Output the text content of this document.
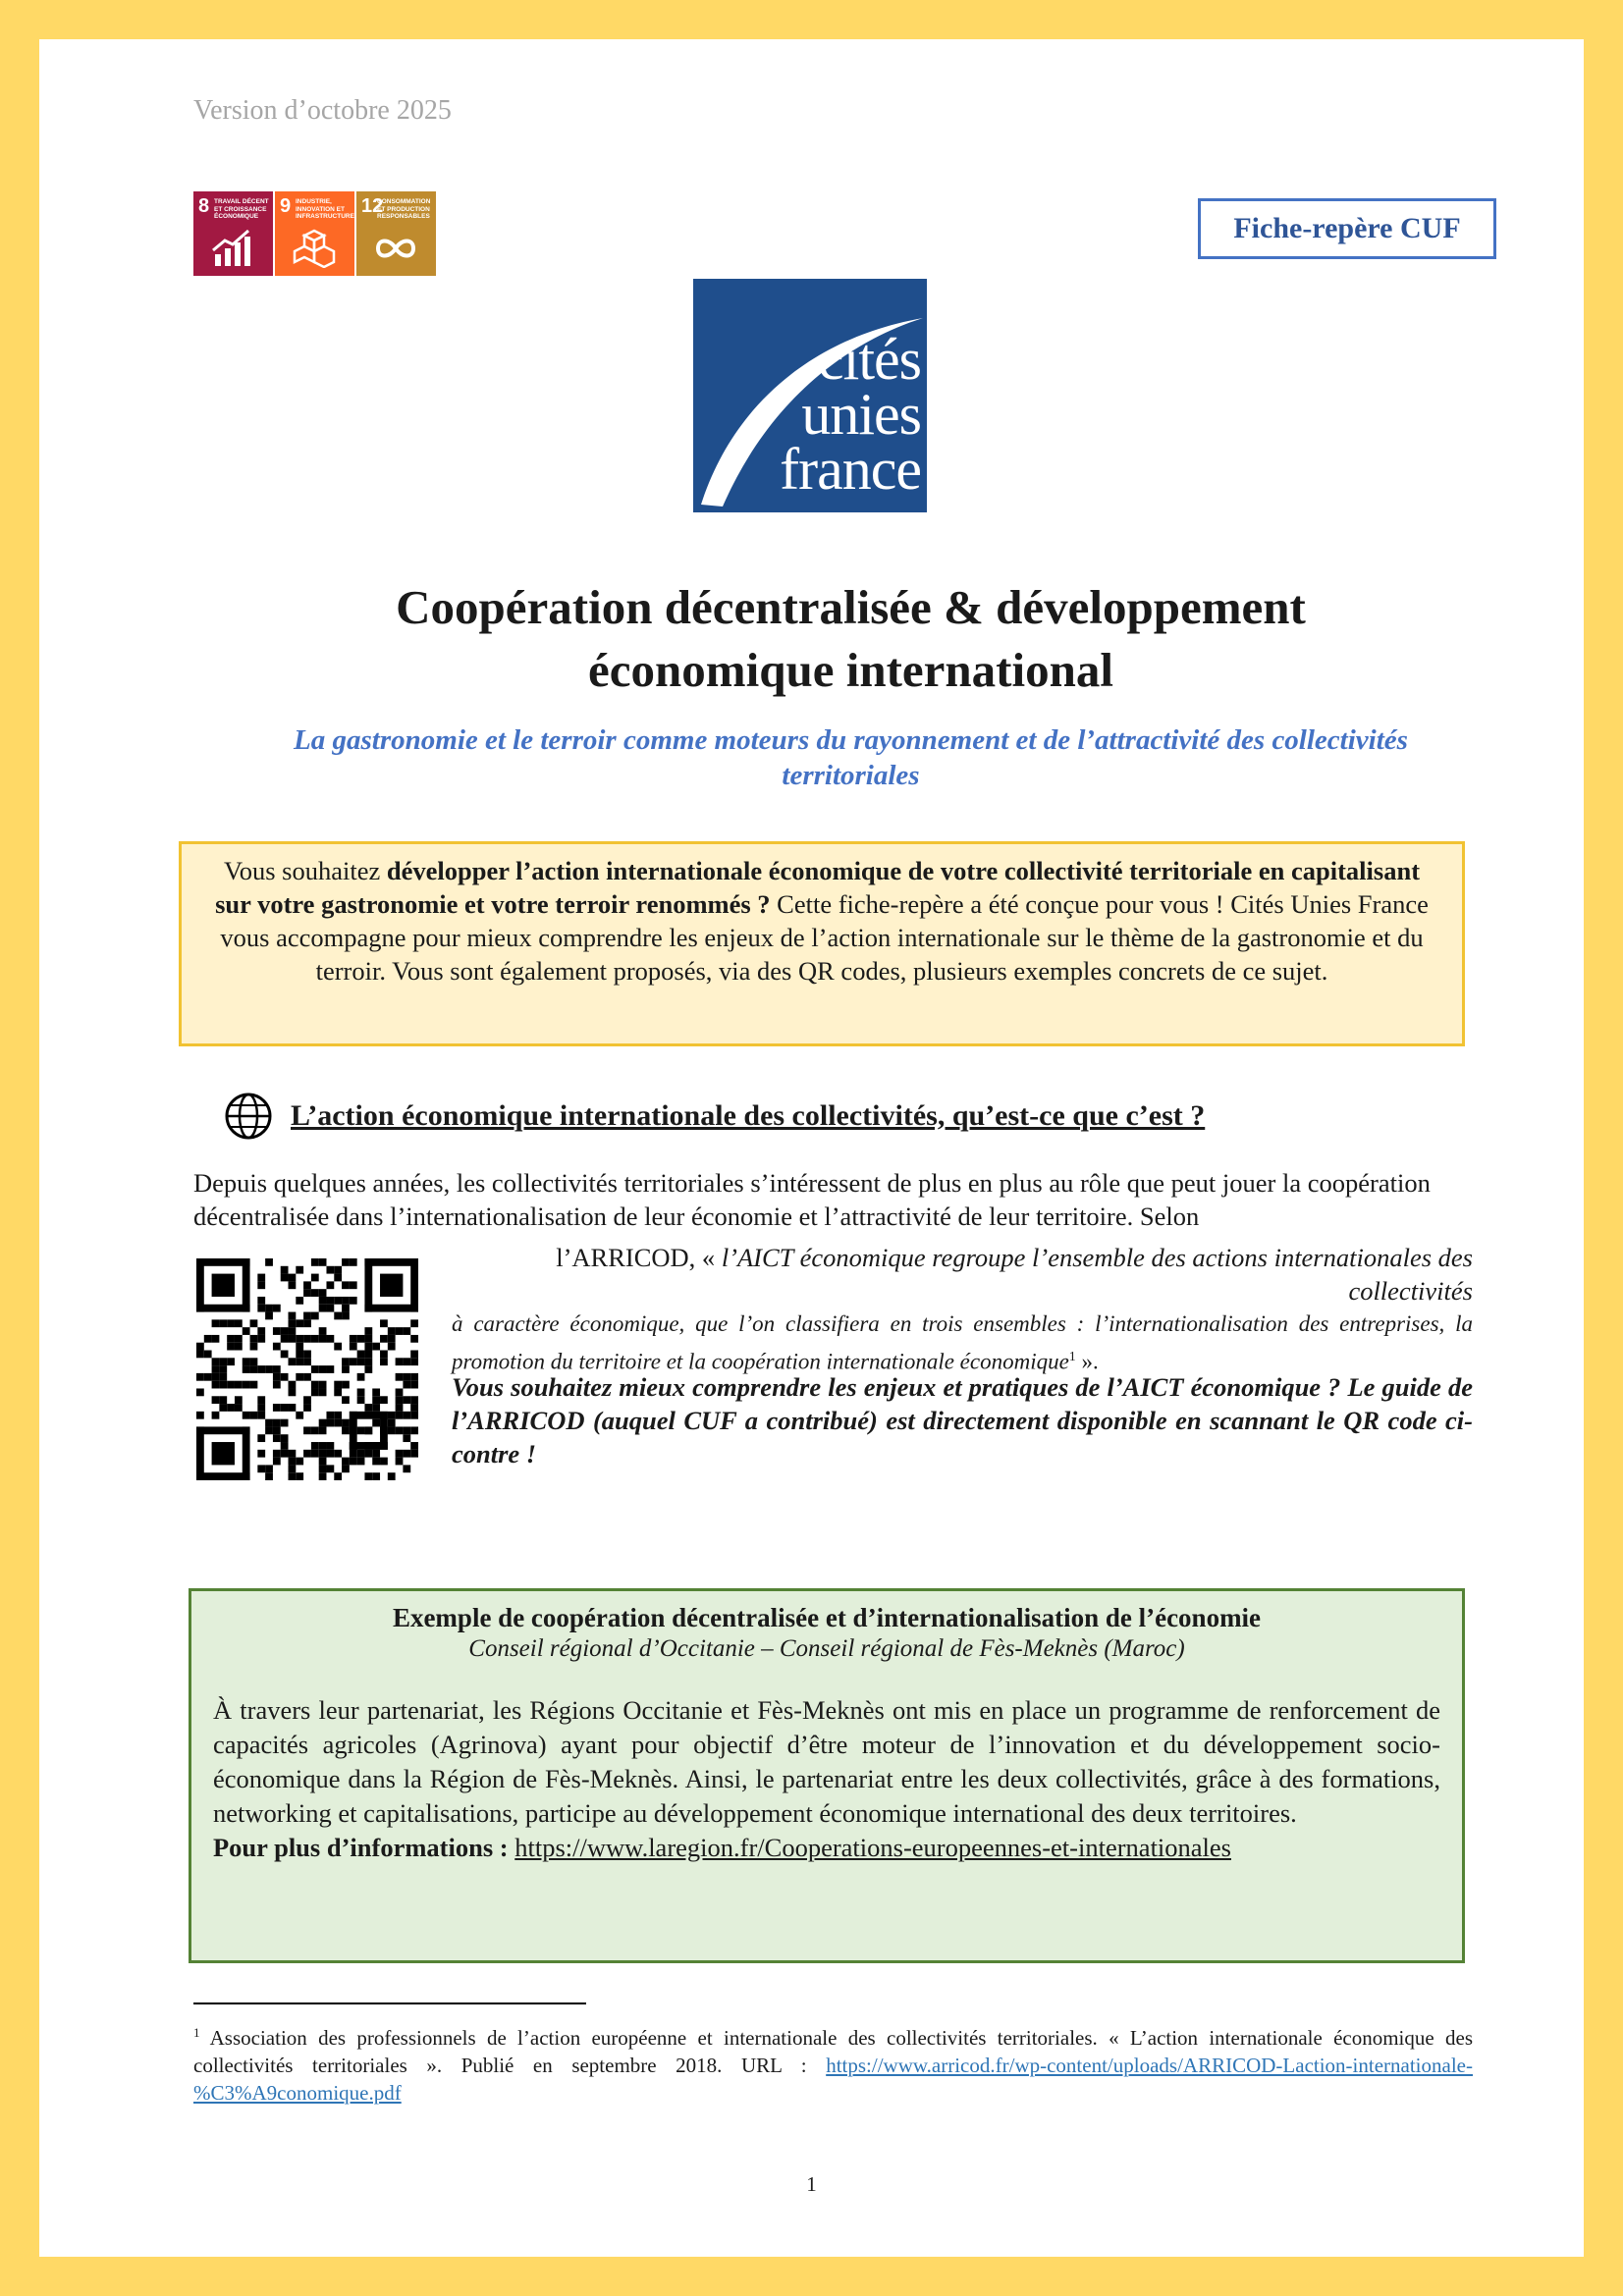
Version d’octobre 2025
8 TRAVAIL DÉCENT ET CROISSANCE ÉCONOMIQUE	9 INDUSTRIE, INNOVATION ET INFRASTRUCTURE 12
CONSOMMATION ET PRODUCTION RESPONSABLES	Fiche-repère CUF
cités
unies
france
Coopération décentralisée & développement
économique international
La gastronomie et le terroir comme moteurs du rayonnement et de l’attractivité des collectivités territoriales
Vous souhaitez développer l’action internationale économique de votre collectivité territoriale en capitalisant sur votre gastronomie et votre terroir renommés ? Cette fiche-repère a été conçue pour vous ! Cités Unies France vous accompagne pour mieux comprendre les enjeux de l’action internationale sur le thème de la gastronomie et du terroir. Vous sont également proposés, via des QR codes, plusieurs exemples concrets de ce sujet.
L’action économique internationale des collectivités, qu’est-ce que c’est ?
Depuis quelques années, les collectivités territoriales s’intéressent de plus en plus au rôle que peut jouer la coopération décentralisée dans l’internationalisation de leur économie et l’attractivité de leur territoire. Selon
l’ARRICOD, « l’AICT économique regroupe l’ensemble des actions internationales des collectivités
à caractère économique, que l’on classifiera en trois ensembles : l’internationalisation des entreprises, la promotion du territoire et la coopération internationale économique$^1$ ».
Vous souhaitez mieux comprendre les enjeux et pratiques de l’AICT économique ? Le guide de l’ARRICOD (auquel CUF a contribué) est directement disponible en scannant le QR code ci-contre !
Exemple de coopération décentralisée et d’internationalisation de l’économie
Conseil régional d’Occitanie – Conseil régional de Fès-Meknès (Maroc)
À travers leur partenariat, les Régions Occitanie et Fès-Meknès ont mis en place un programme de renforcement de capacités agricoles (Agrinova) ayant pour objectif d’être moteur de l’innovation et du développement socio-économique dans la Région de Fès-Meknès. Ainsi, le partenariat entre les deux collectivités, grâce à des formations, networking et capitalisations, participe au développement économique international des deux territoires.
Pour plus d’informations : https://www.laregion.fr/Cooperations-europeennes-et-internationales
$^1$ Association des professionnels de l’action européenne et internationale des collectivités territoriales. « L’action internationale économique des collectivités territoriales ». Publié en septembre 2018. URL : https://www.arricod.fr/wp-content/uploads/ARRICOD-Laction-internationale-%C3%A9conomique.pdf
1
